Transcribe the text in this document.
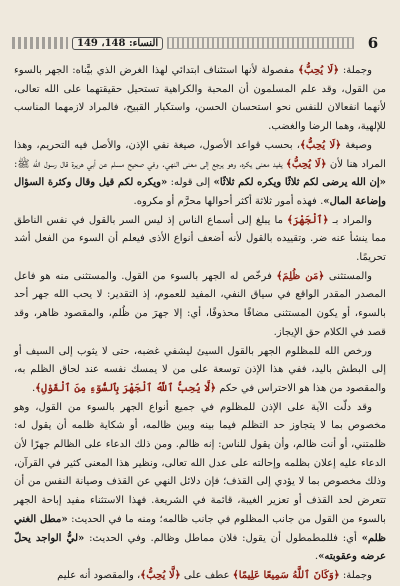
النساء: 148، 149	6

وجملة: ﴿لَا يُحِبُّ﴾ مفصولة لأنها استئناف ابتدائي لهذا الغرض الذي بيَّناه: الجهر بالسوء من القول، وقد علم المسلمون أن المحبة والكراهية تستحيل حقيقتهما على الله تعالى، لأنهما انفعالان للنفس نحو استحسان الحسن، واستكبار القبيح، فالمراد لازمهما المناسب للإلهية، وهما الرضا والغضب.

وصيغة ﴿لَا يُحِبُّ﴾، بحسب قواعد الأصول، صيغة نفي الإذن، والأصل فيه التحريم، وهذا المراد هنا لأن ﴿لَا يُحِبُّ﴾ يفيد معنى يكره، وهو يرجع إلى معنى النهي. وفي صحيح مسلم عن أبي هريرة قال رسول الله ﷺ: «إن الله يرضى لكم ثلاثًا ويكره لكم ثلاثًا» إلى قوله: «ويكره لكم قيل وقال وكثرة السؤال وإضاعة المال». فهذه أمور ثلاثة أكثر أحوالها محرَّم أو مكروه.

والمراد بـ ﴿ٱلْجَهْرَ﴾ ما يبلغ إلى أسماع الناس إذ ليس السر بالقول في نفس الناطق مما ينشأ عنه ضر. وتقييده بالقول لأنه أضعف أنواع الأذى فيعلم أن السوء من الفعل أشد تحريمًا.

والمستثنى ﴿مَن ظُلِمَ﴾ فرخّص له الجهر بالسوء من القول. والمستثنى منه هو فاعل المصدر المقدر الواقع في سياق النفي، المفيد للعموم، إذ التقدير: لا يحب الله جهر أحد بالسوء، أو يكون المستثنى مضافًا محذوفًا، أي: إلا جهرَ من ظُلم، والمقصود ظاهر، وقد قصد في الكلام حق الإيجاز.

ورخص الله للمظلوم الجهر بالقول السيئ ليشفي غضبه، حتى لا يثوب إلى السيف أو إلى البطش باليد، ففي هذا الإذن توسعة على من لا يمسك نفسه عند لحاق الظلم به، والمقصود من هذا هو الاحتراس في حكم ﴿لَّا يُحِبُّ ٱللَّهُ ٱلْجَهْرَ بِٱلسُّوٓءِ مِنَ ٱلْقَوْلِ﴾.

وقد دلّت الآية على الإذن للمظلوم في جميع أنواع الجهر بالسوء من القول، وهو مخصوص بما لا يتجاوز حد التظلم فيما بينه وبين ظالمه، أو شكاية ظلمه أن يقول له: ظلمتني، أو أنت ظالم، وأن يقول للناس: إنه ظالم. ومن ذلك الدعاء على الظالم جهرًا لأن الدعاء عليه إعلان بظلمه وإحالته على عدل الله تعالى، ونظير هذا المعنى كثير في القرآن، وذلك مخصوص بما لا يؤدي إلى القذف؛ فإن دلائل النهي عن القذف وصيانة النفس من أن تتعرض لحد القذف أو تعزير الغيبة، قائمة في الشريعة. فهذا الاستثناء مفيد إباحة الجهر بالسوء من القول من جانب المظلوم في جانب ظالمه؛ ومنه ما في الحديث: «مطل الغني ظلم» أي: فللمطمطول أن يقول: فلان مماطل وظالم. وفي الحديث: «ليُّ الواجد يحلّ عرضه وعقوبته».

وجملة: ﴿وَكَانَ ٱللَّهُ سَمِيعًا عَلِيمًا﴾ عطف على ﴿لَّا يُحِبُّ﴾، والمقصود أنه عليم
